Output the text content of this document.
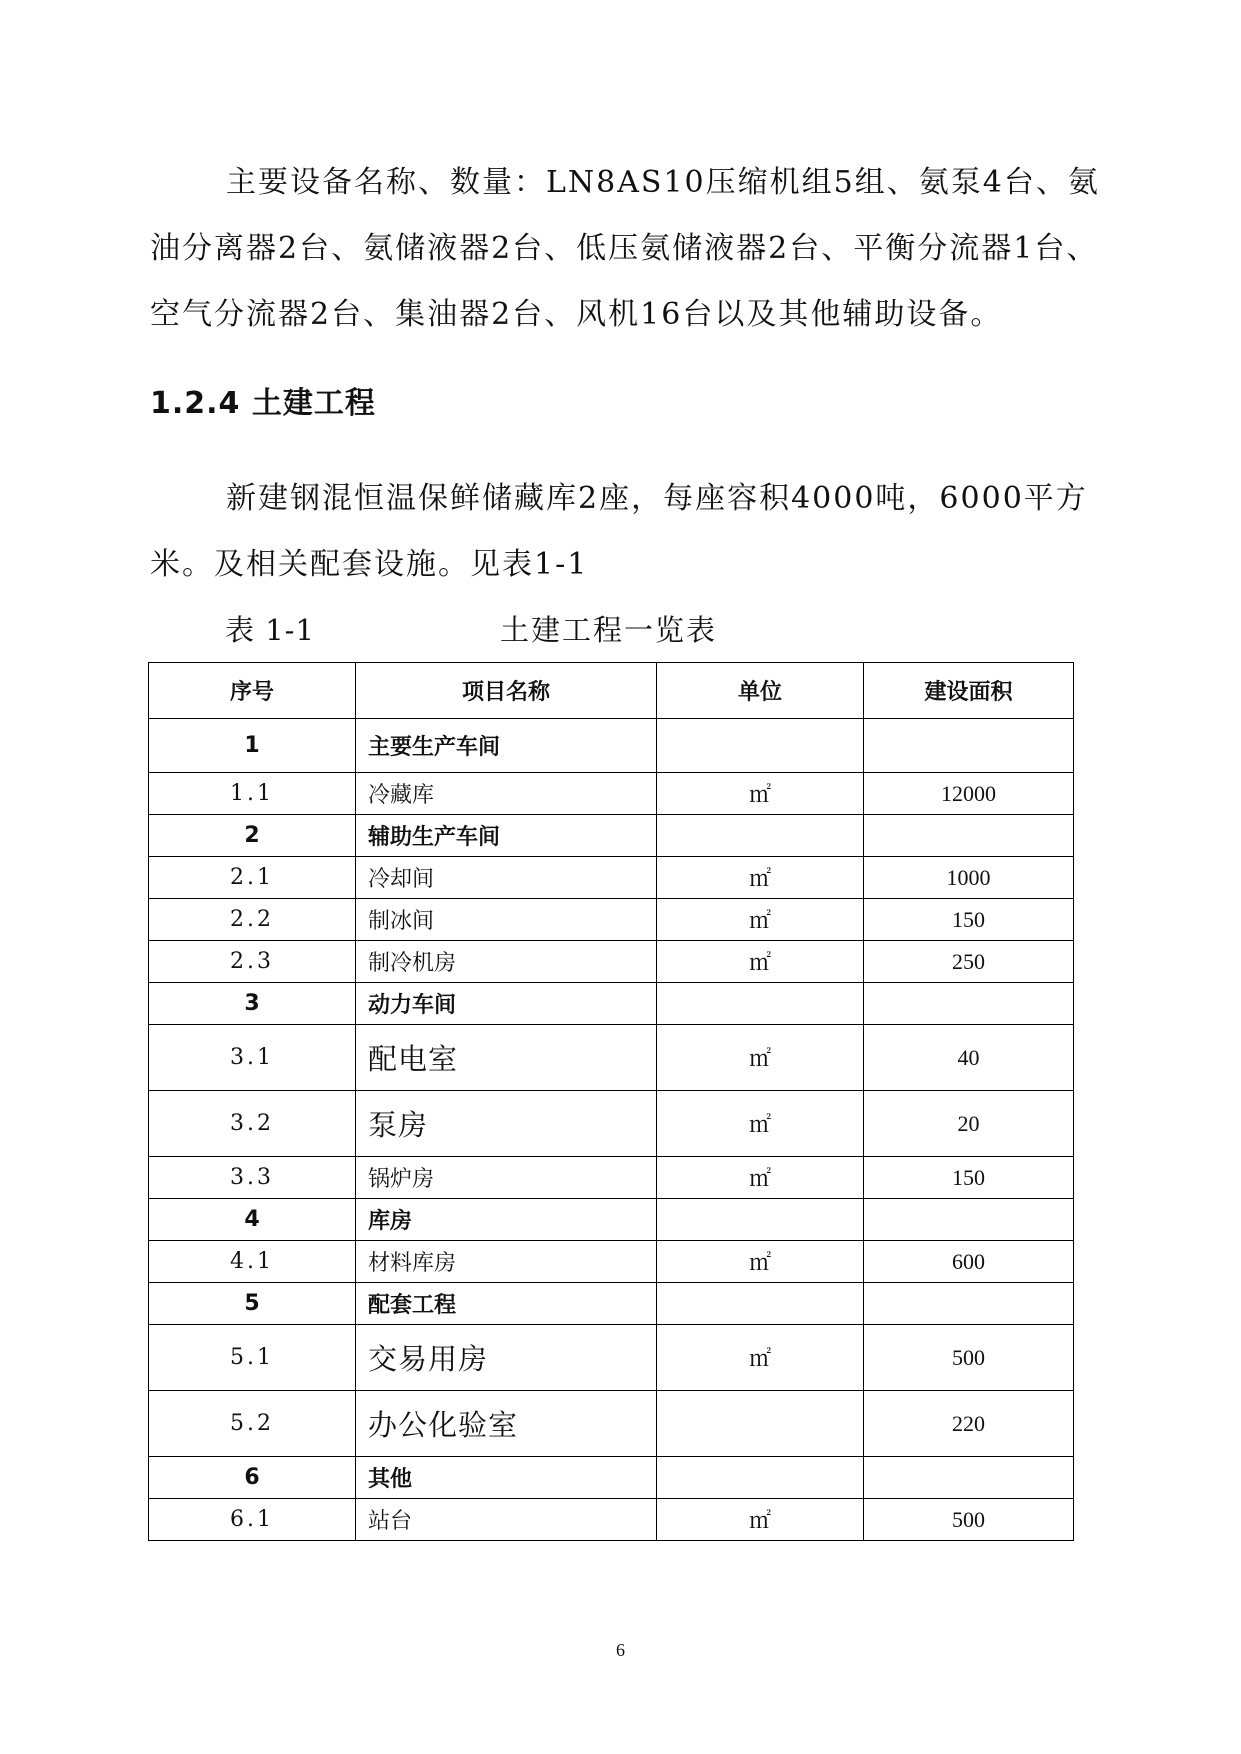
主要设备名称、数量：LN8AS10压缩机组5组、氨泵4台、氨油分离器2台、氨储液器2台、低压氨储液器2台、平衡分流器1台、空气分流器2台、集油器2台、风机16台以及其他辅助设备。

1.2.4 土建工程

新建钢混恒温保鲜储藏库2座，每座容积4000吨，6000平方米。及相关配套设施。见表1-1

表 1-1	土建工程一览表
序号	项目名称	单位	建设面积
1	主要生产车间		
1.1	冷藏库	㎡	12000
2	辅助生产车间		
2.1	冷却间	㎡	1000
2.2	制冰间	㎡	150
2.3	制冷机房	㎡	250
3	动力车间		
3.1	配电室	㎡	40
3.2	泵房	㎡	20
3.3	锅炉房	㎡	150
4	库房		
4.1	材料库房	㎡	600
5	配套工程		
5.1	交易用房	㎡	500
5.2	办公化验室		220
6	其他		
6.1	站台	㎡	500
6
